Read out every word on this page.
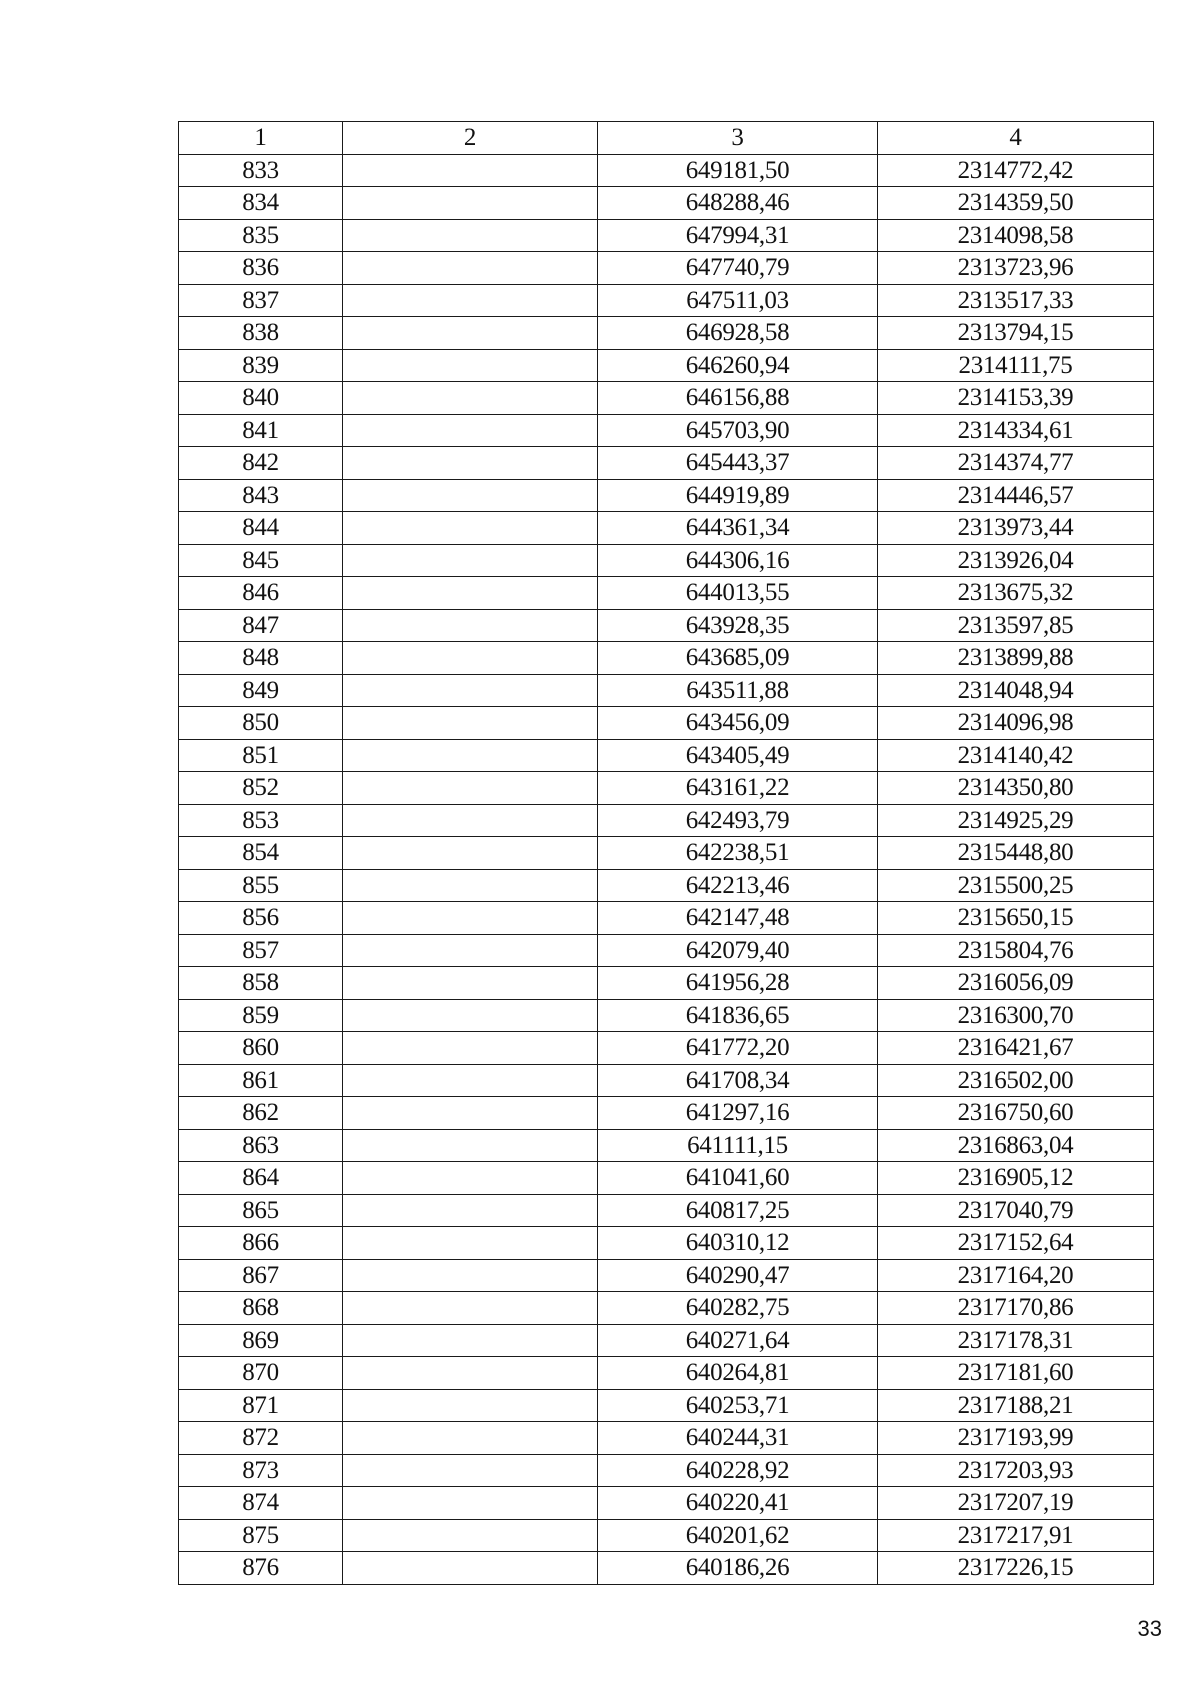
1	2	3	4
833		649181,50	2314772,42
834		648288,46	2314359,50
835		647994,31	2314098,58
836		647740,79	2313723,96
837		647511,03	2313517,33
838		646928,58	2313794,15
839		646260,94	2314111,75
840		646156,88	2314153,39
841		645703,90	2314334,61
842		645443,37	2314374,77
843		644919,89	2314446,57
844		644361,34	2313973,44
845		644306,16	2313926,04
846		644013,55	2313675,32
847		643928,35	2313597,85
848		643685,09	2313899,88
849		643511,88	2314048,94
850		643456,09	2314096,98
851		643405,49	2314140,42
852		643161,22	2314350,80
853		642493,79	2314925,29
854		642238,51	2315448,80
855		642213,46	2315500,25
856		642147,48	2315650,15
857		642079,40	2315804,76
858		641956,28	2316056,09
859		641836,65	2316300,70
860		641772,20	2316421,67
861		641708,34	2316502,00
862		641297,16	2316750,60
863		641111,15	2316863,04
864		641041,60	2316905,12
865		640817,25	2317040,79
866		640310,12	2317152,64
867		640290,47	2317164,20
868		640282,75	2317170,86
869		640271,64	2317178,31
870		640264,81	2317181,60
871		640253,71	2317188,21
872		640244,31	2317193,99
873		640228,92	2317203,93
874		640220,41	2317207,19
875		640201,62	2317217,91
876		640186,26	2317226,15
33
